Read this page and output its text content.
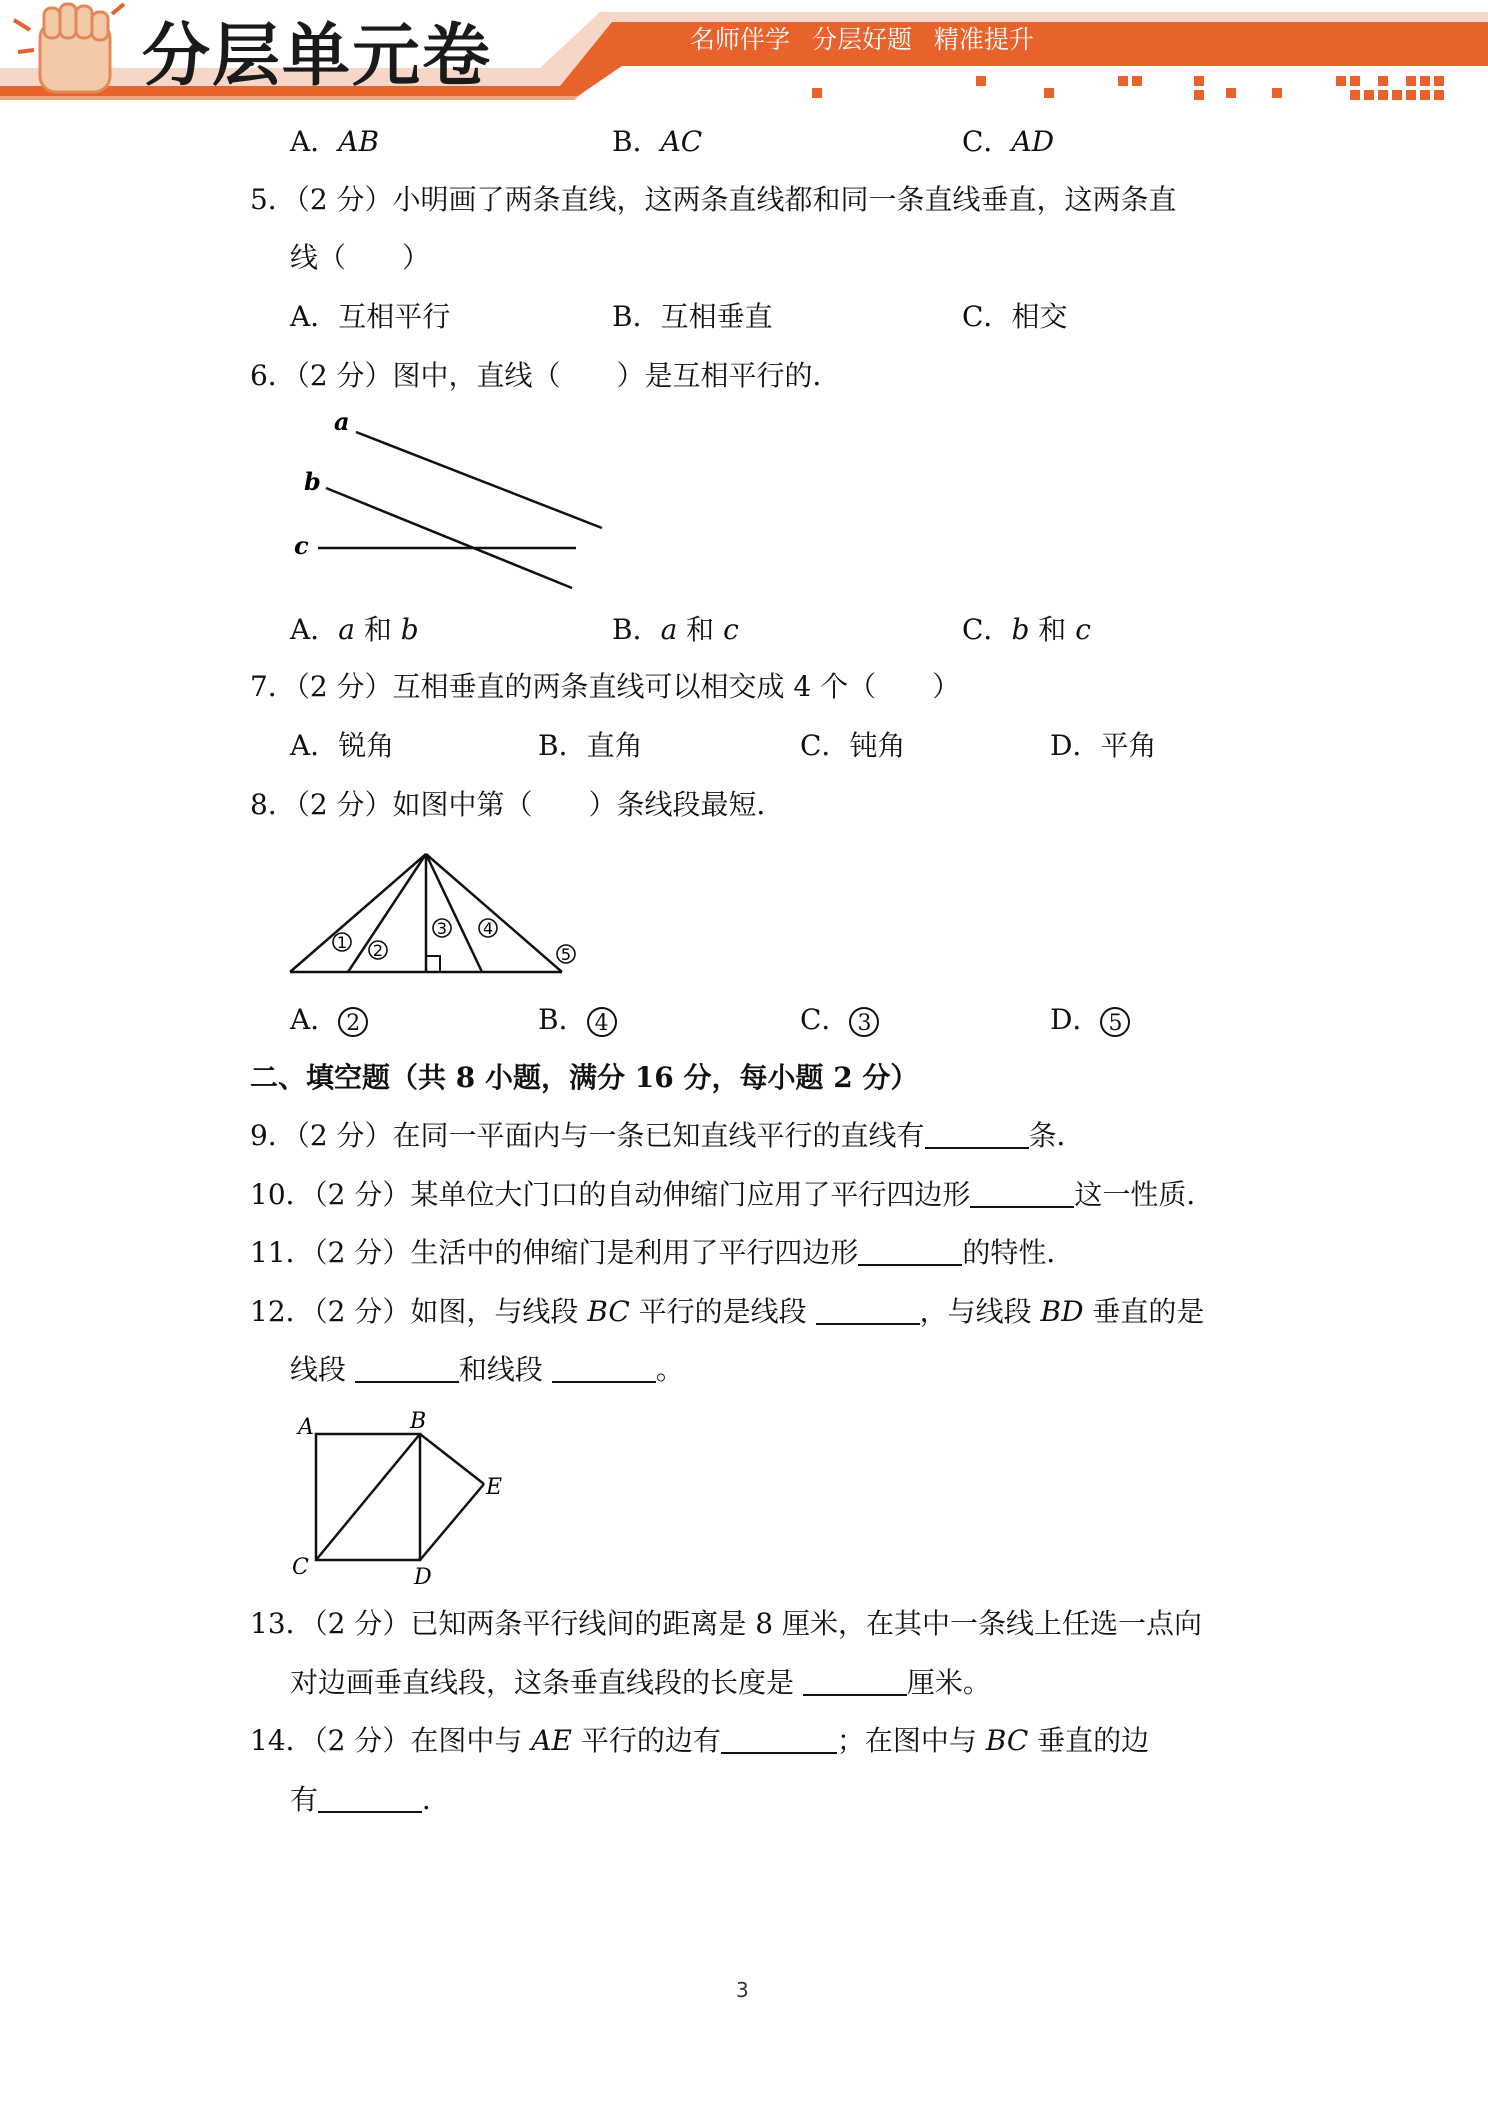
分层单元卷	名师伴学 分层好题 精准提升
A．AB	B．AC	C．AD
5．（2 分）小明画了两条直线，这两条直线都和同一条直线垂直，这两条直
线（　　）
A．互相平行	B．互相垂直	C．相交
6．（2 分）图中，直线（　　）是互相平行的．
a
b
c
A．a 和 b	B．a 和 c	C．b 和 c
7．（2 分）互相垂直的两条直线可以相交成 4 个（　　）
A．锐角	B．直角	C．钝角	D．平角
8．（2 分）如图中第（　　）条线段最短．
1 2
3 4
5
A． 2	B． 4	C． 3	D． 5
二、填空题（共 8 小题，满分 16 分，每小题 2 分）
9．（2 分）在同一平面内与一条已知直线平行的直线有	条．
10．（2 分）某单位大门口的自动伸缩门应用了平行四边形	这一性质．
11．（2 分）生活中的伸缩门是利用了平行四边形	的特性．
12．（2 分）如图，与线段 BC 平行的是线段	，与线段 BD 垂直的是
线段	和线段	。
A	B
C	D
E
13．（2 分）已知两条平行线间的距离是 8 厘米，在其中一条线上任选一点向
对边画垂直线段，这条垂直线段的长度是	厘米。
14．（2 分）在图中与 AE 平行的边有	；在图中与 BC 垂直的边
有	．
3
